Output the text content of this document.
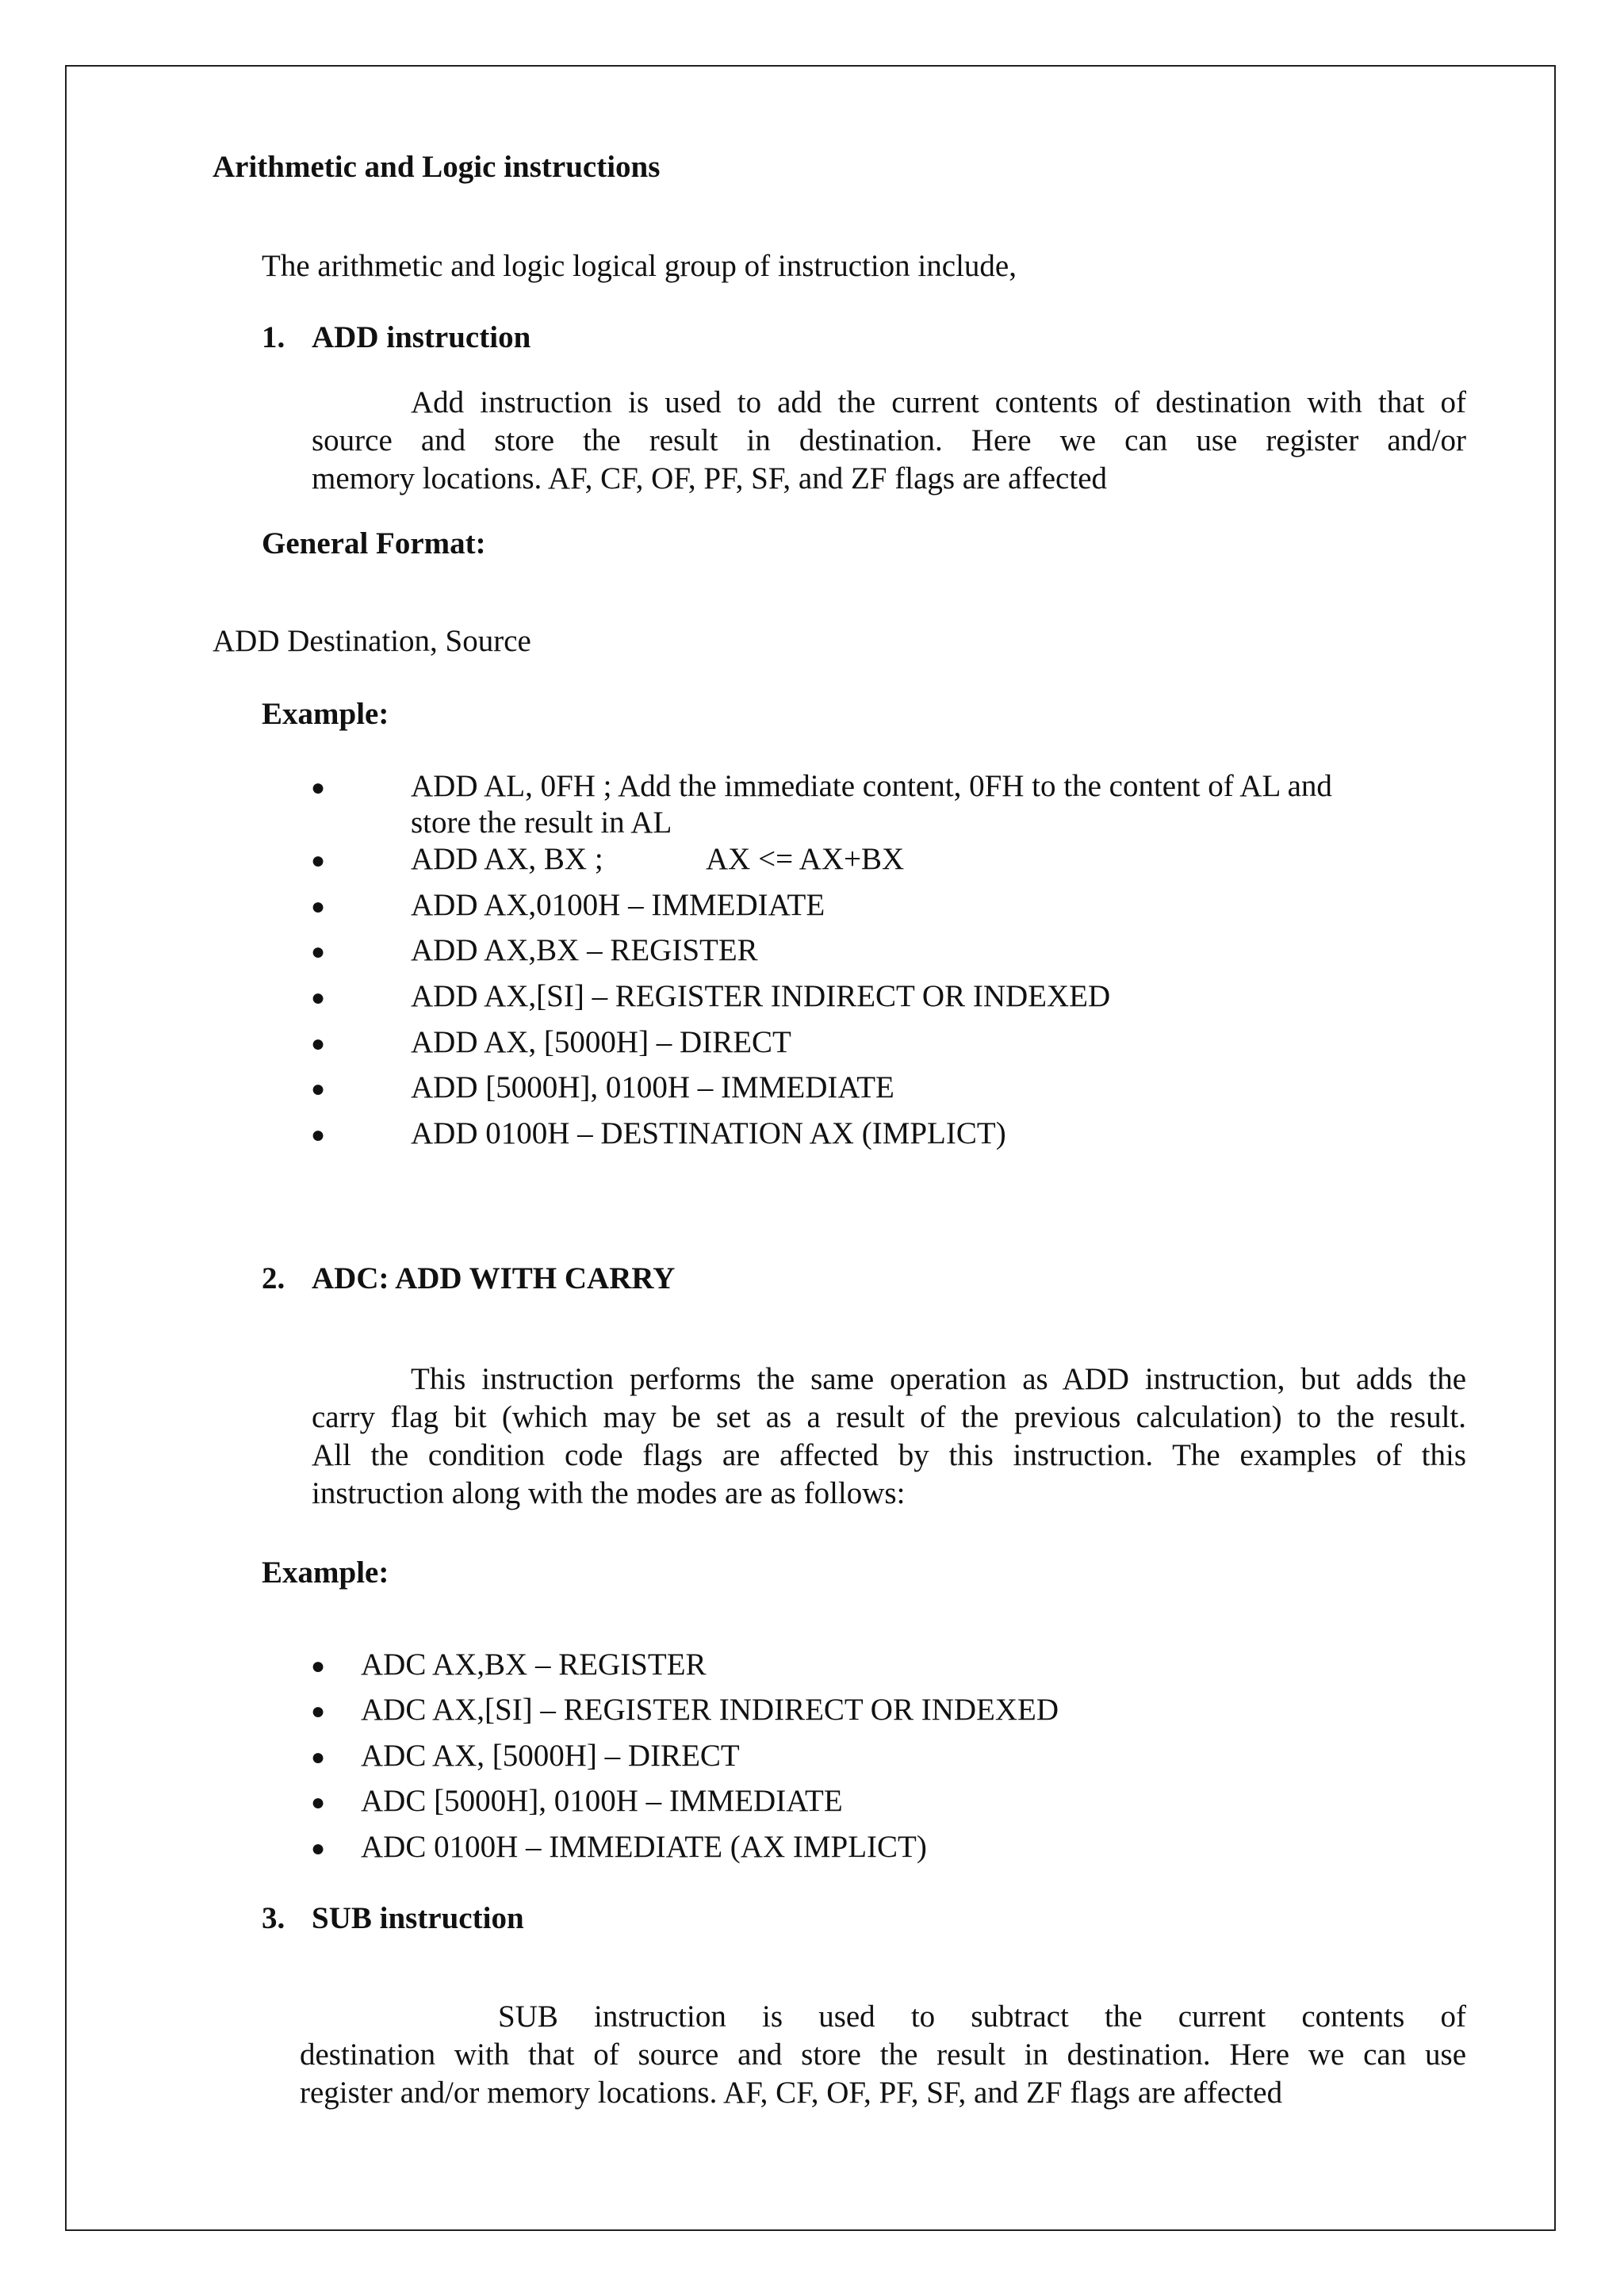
Arithmetic and Logic instructions

The arithmetic and logic logical group of instruction include,

1. ADD instruction

Add instruction is used to add the current contents of destination with that of
source and store the result in destination. Here we can use register and/or
memory locations. AF, CF, OF, PF, SF, and ZF flags are affected

General Format:

ADD Destination, Source

Example:

●	ADD AL, 0FH ; Add the immediate content, 0FH to the content of AL and

store the result in AL

●	ADD AX, BX ;	AX <= AX+BX

●	ADD AX,0100H – IMMEDIATE

●	ADD AX,BX – REGISTER

●	ADD AX,[SI] – REGISTER INDIRECT OR INDEXED

●	ADD AX, [5000H] – DIRECT

●	ADD [5000H], 0100H – IMMEDIATE

●	ADD 0100H – DESTINATION AX (IMPLICT)

2. ADC: ADD WITH CARRY

This instruction performs the same operation as ADD instruction, but adds the
carry flag bit (which may be set as a result of the previous calculation) to the result.
All the condition code flags are affected by this instruction. The examples of this
instruction along with the modes are as follows:

Example:

● ADC AX,BX – REGISTER

● ADC AX,[SI] – REGISTER INDIRECT OR INDEXED

● ADC AX, [5000H] – DIRECT

● ADC [5000H], 0100H – IMMEDIATE

● ADC 0100H – IMMEDIATE (AX IMPLICT)

3. SUB instruction

SUB instruction is used to subtract the current contents of
destination with that of source and store the result in destination. Here we can use
register and/or memory locations. AF, CF, OF, PF, SF, and ZF flags are affected
